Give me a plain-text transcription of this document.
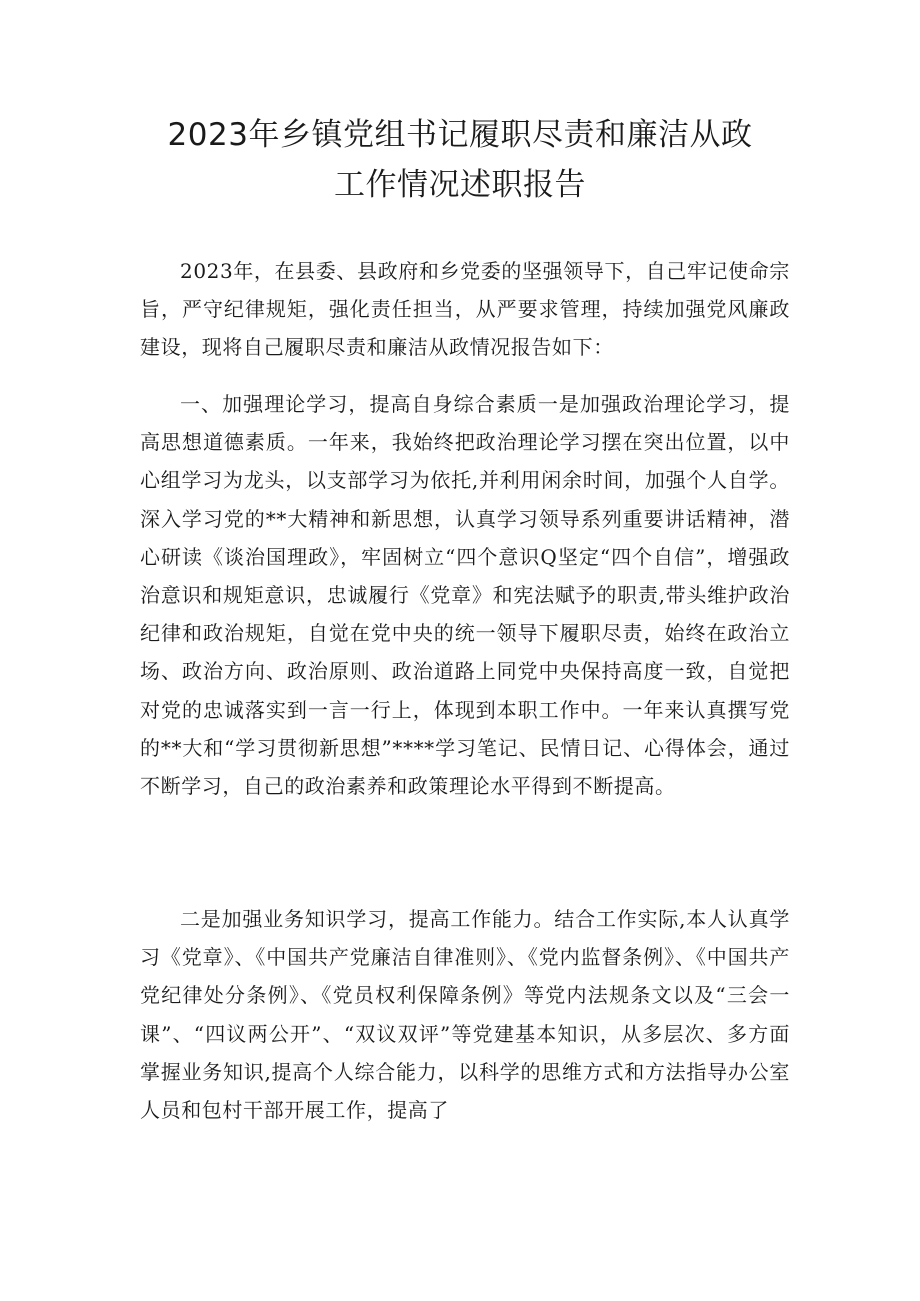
2023年乡镇党组书记履职尽责和廉洁从政
工作情况述职报告

2023年，在县委、县政府和乡党委的坚强领导下，自己牢记使命宗旨，严守纪律规矩，强化责任担当，从严要求管理，持续加强党风廉政建设，现将自己履职尽责和廉洁从政情况报告如下：

一、加强理论学习，提高自身综合素质一是加强政治理论学习，提高思想道德素质。一年来，我始终把政治理论学习摆在突出位置，以中心组学习为龙头，以支部学习为依托,并利用闲余时间，加强个人自学。深入学习党的**大精神和新思想，认真学习领导系列重要讲话精神，潜心研读《谈治国理政》，牢固树立“四个意识Q坚定“四个自信”，增强政治意识和规矩意识，忠诚履行《党章》和宪法赋予的职责,带头维护政治纪律和政治规矩，自觉在党中央的统一领导下履职尽责，始终在政治立场、政治方向、政治原则、政治道路上同党中央保持高度一致，自觉把对党的忠诚落实到一言一行上，体现到本职工作中。一年来认真撰写党的**大和“学习贯彻新思想”****学习笔记、民情日记、心得体会，通过不断学习，自己的政治素养和政策理论水平得到不断提高。

二是加强业务知识学习，提高工作能力。结合工作实际,本人认真学习《党章》、《中国共产党廉洁自律准则》、《党内监督条例》、《中国共产党纪律处分条例》、《党员权利保障条例》等党内法规条文以及“三会一课”、“四议两公开”、“双议双评”等党建基本知识，从多层次、多方面掌握业务知识,提高个人综合能力，以科学的思维方式和方法指导办公室人员和包村干部开展工作，提高了
